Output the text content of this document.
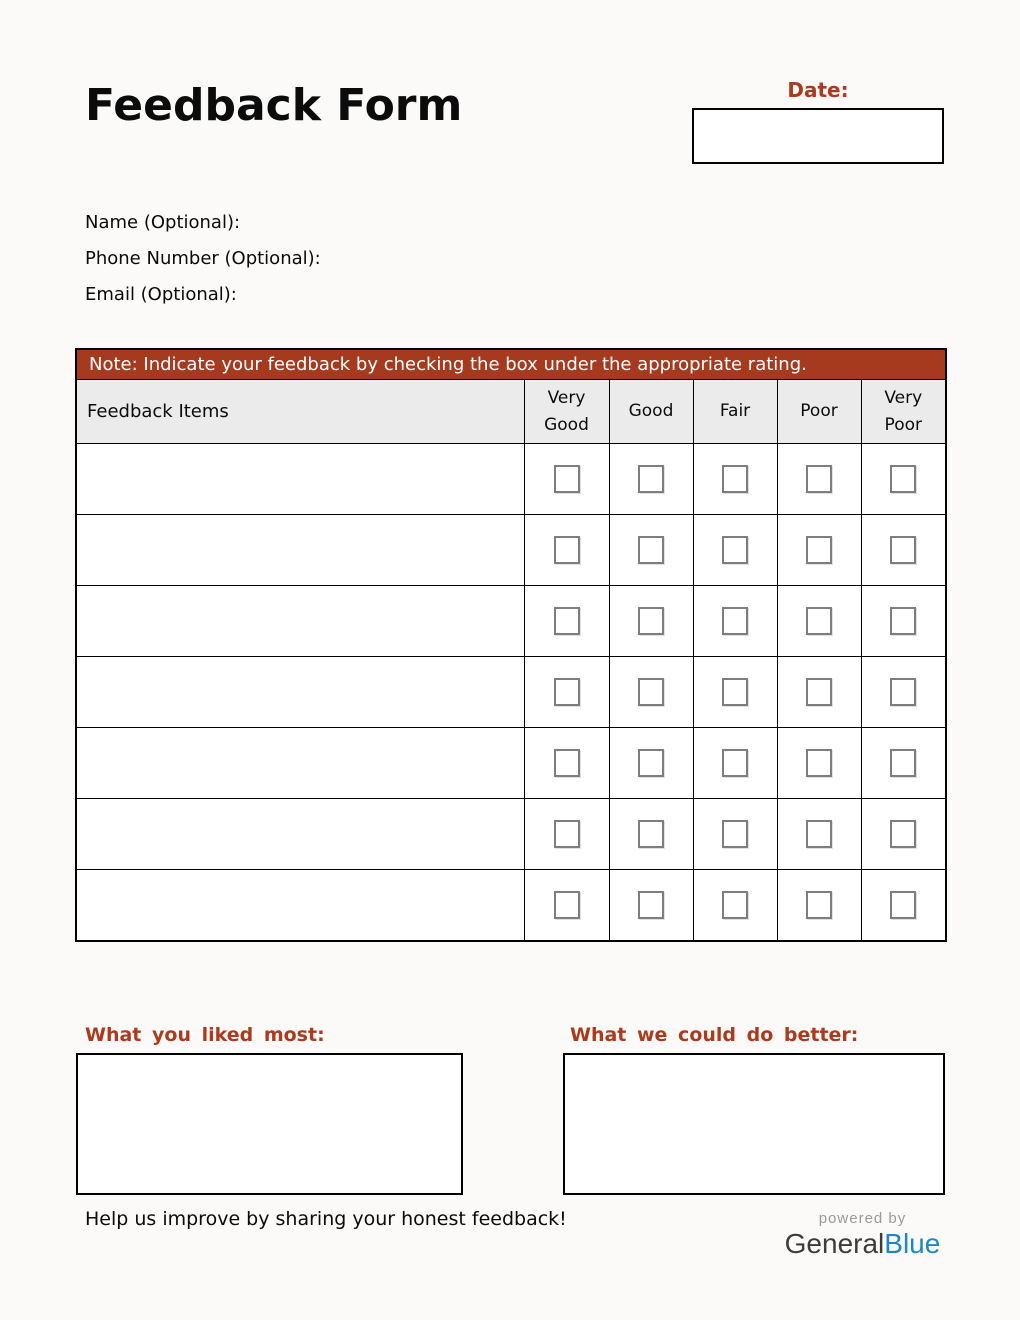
Feedback Form	Date:
Name (Optional):
Phone Number (Optional):
Email (Optional):
Note: Indicate your feedback by checking the box under the appropriate rating.					
Feedback Items	Very Good	Good	Fair	Poor	Very Poor

What you liked most:	What we could do better:
Help us improve by sharing your honest feedback!	powered by
GeneralBlue
